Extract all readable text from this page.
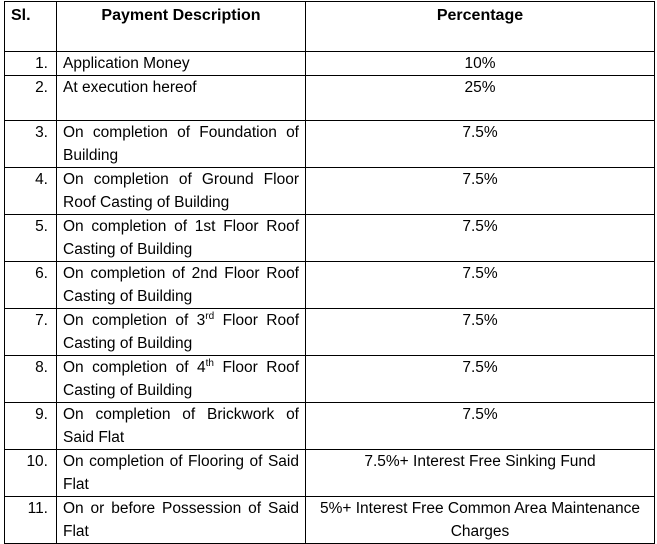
Sl.	Payment Description	Percentage
1.	Application Money	10%
2.	At execution hereof	25%
3.	On completion of Foundation of Building	7.5%
4.	On completion of Ground Floor Roof Casting of Building	7.5%
5.	On completion of 1st Floor Roof Casting of Building	7.5%
6.	On completion of 2nd Floor Roof Casting of Building	7.5%
7.	On completion of 3rd Floor Roof Casting of Building	7.5%
8.	On completion of 4th Floor Roof Casting of Building	7.5%
9.	On completion of Brickwork of Said Flat	7.5%
10.	On completion of Flooring of Said Flat	7.5%+ Interest Free Sinking Fund
11.	On or before Possession of Said Flat	5%+ Interest Free Common Area Maintenance Charges
